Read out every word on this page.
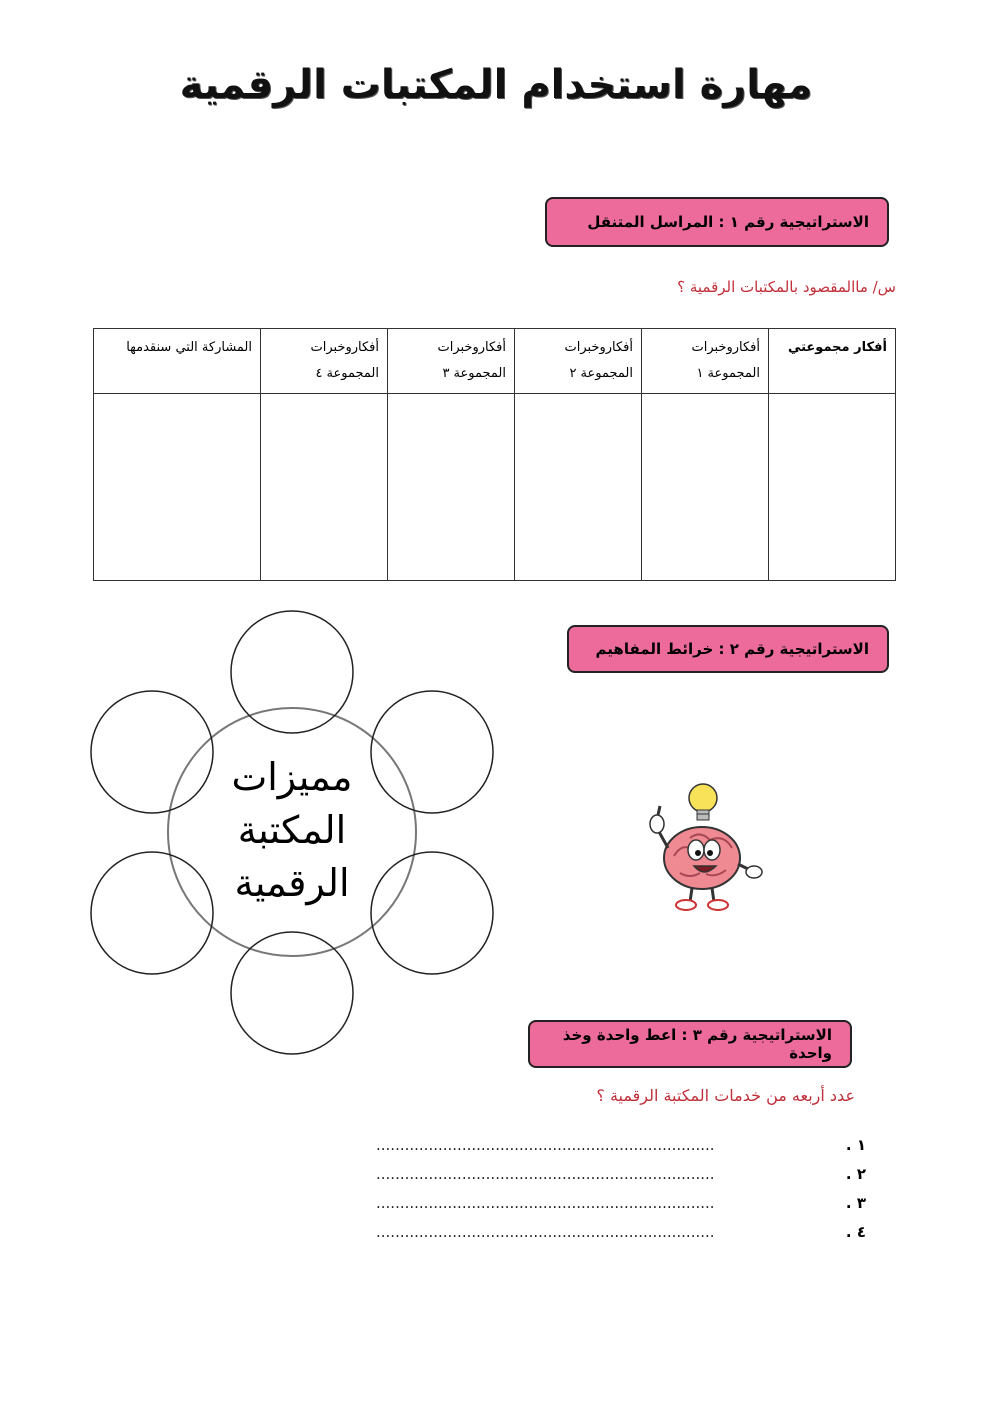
مهارة استخدام المكتبات الرقمية
الاستراتيجية رقم ١ : المراسل المتنقل
س/ ماالمقصود بالمكتبات الرقمية ؟
أفكار مجموعتي	أفكاروخبرات المجموعة ١	أفكاروخبرات المجموعة ٢	أفكاروخبرات المجموعة ٣	أفكاروخبرات المجموعة ٤	المشاركة التي سنقدمها

الاستراتيجية رقم ٢ : خرائط المفاهيم
مميزات
المكتبة
الرقمية
الاستراتيجية رقم ٣ : اعط واحدة وخذ واحدة
عدد أربعه من خدمات المكتبة الرقمية ؟
١ .
.......................................................................
٢ .
.......................................................................
٣ .
.......................................................................
٤ .
.......................................................................
